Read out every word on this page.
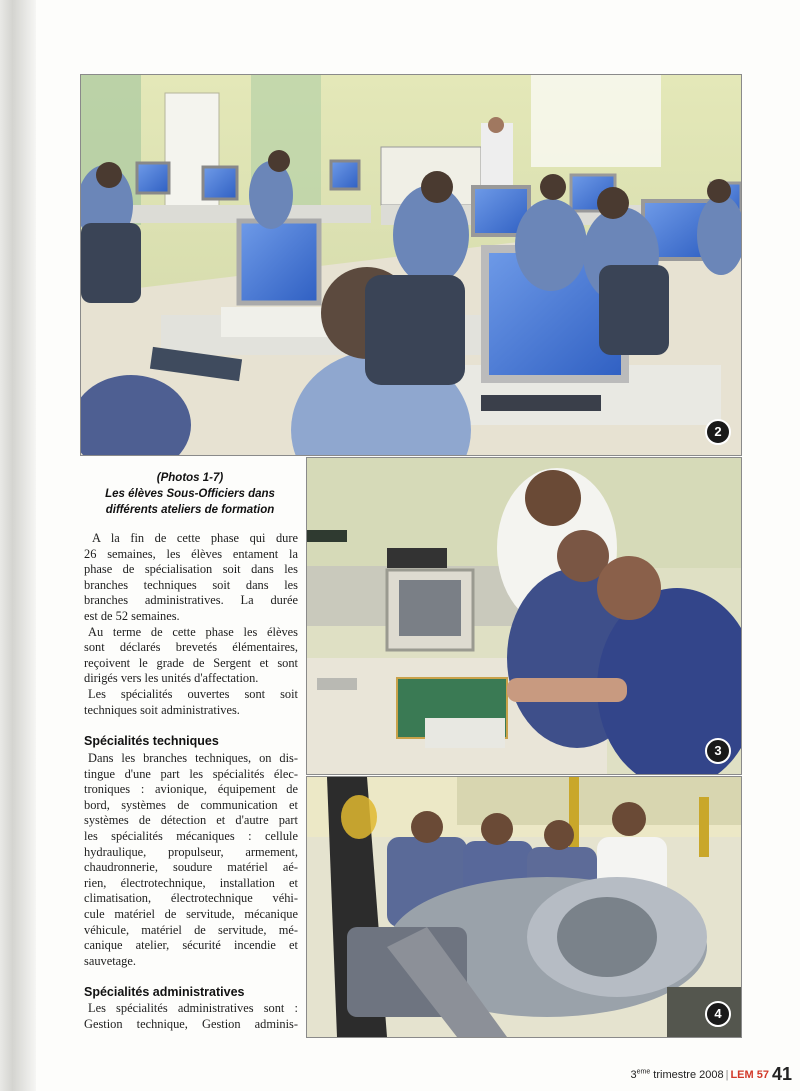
2
3
4
(Photos 1-7)
Les élèves Sous-Officiers dans
différents ateliers de formation
A la fin de cette phase qui dure
26 semaines, les élèves entament la
phase de spécialisation soit dans les
branches techniques soit dans les
branches administratives. La durée
est de 52 semaines.
Au terme de cette phase les élèves
sont déclarés brevetés élémentaires,
reçoivent le grade de Sergent et sont
dirigés vers les unités d'affectation.
Les spécialités ouvertes sont soit
techniques soit administratives.
Spécialités techniques
Dans les branches techniques, on dis-
tingue d'une part les spécialités élec-
troniques : avionique, équipement de
bord, systèmes de communication et
systèmes de détection et d'autre part
les spécialités mécaniques : cellule
hydraulique, propulseur, armement,
chaudronnerie, soudure matériel aé-
rien, électrotechnique, installation et
climatisation, électrotechnique véhi-
cule matériel de servitude, mécanique
véhicule, matériel de servitude, mé-
canique atelier, sécurité incendie et
sauvetage.
Spécialités administratives
Les spécialités administratives sont :
Gestion technique, Gestion adminis-
3eme trimestre 2008 | LEM 57 41
